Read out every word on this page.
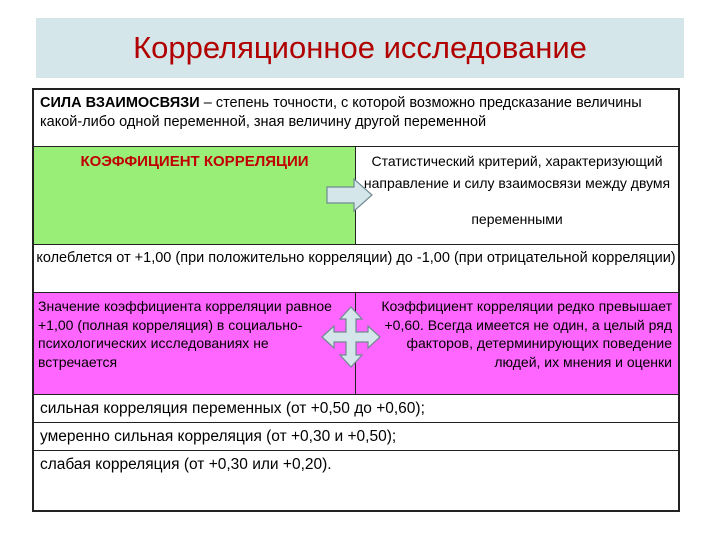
Корреляционное исследование
СИЛА ВЗАИМОСВЯЗИ – степень точности, с которой возможно предсказание величины какой-либо одной переменной, зная величину другой переменной
КОЭФФИЦИЕНТ КОРРЕЛЯЦИИ	Статистический критерий, характеризующий направление и силу взаимосвязи между двумя
переменными
колеблется от +1,00 (при положительно корреляции) до -1,00 (при отрицательной корреляции)
Значение коэффициента корреляции равное +1,00 (полная корреляция) в социально-психологических исследованиях не встречается
Коэффициент корреляции редко превышает +0,60. Всегда имеется не один, а целый ряд факторов, детерминирующих поведение людей, их мнения и оценки
сильная корреляция переменных (от +0,50 до +0,60);
умеренно сильная корреляция (от +0,30 и +0,50);
слабая корреляция (от +0,30 или +0,20).
